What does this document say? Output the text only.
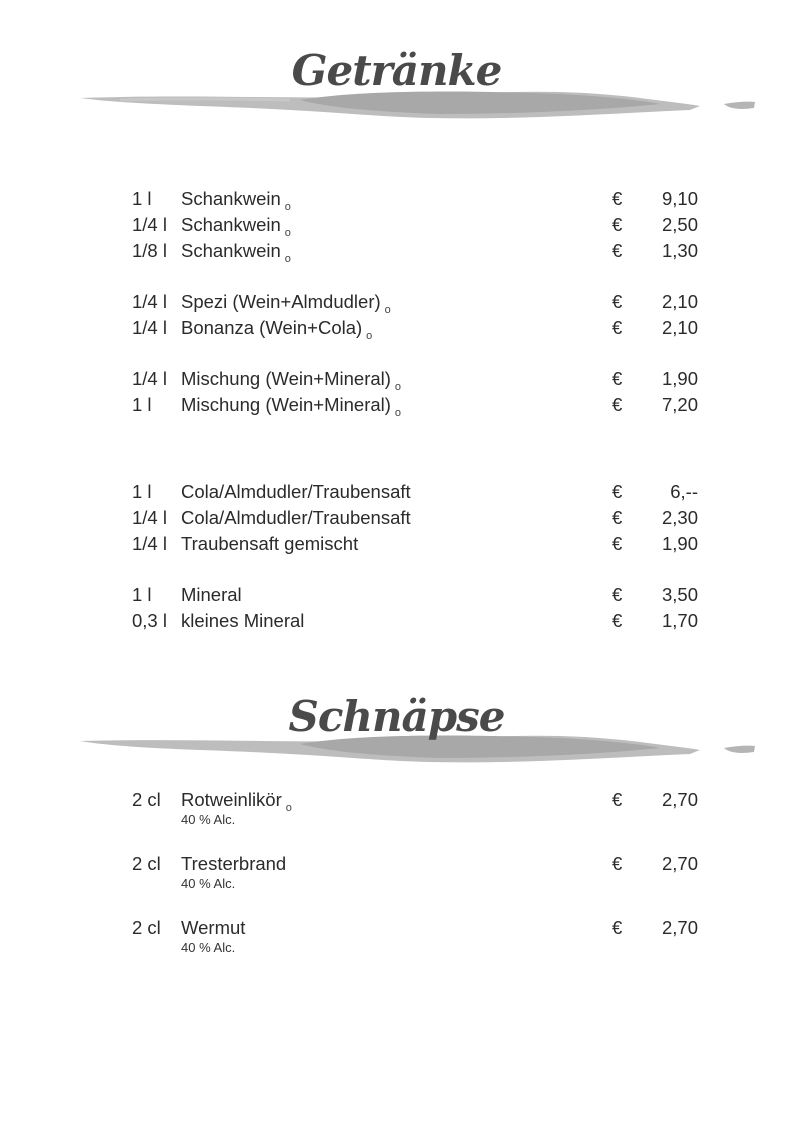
Getränke
1 l Schankwein $_o$	€	9,10
1/4 l Schankwein $_o$	€	2,50
1/8 l Schankwein $_o$	€	1,30
1/4 l Spezi (Wein+Almdudler) $_o$	€	2,10
1/4 l Bonanza (Wein+Cola) $_o$	€	2,10
1/4 l Mischung (Wein+Mineral) $_o$	€	1,90
1 l Mischung (Wein+Mineral) $_o$	€	7,20
1 l Cola/Almdudler/Traubensaft	€	6,--
1/4 l Cola/Almdudler/Traubensaft	€	2,30
1/4 l Traubensaft gemischt	€	1,90
1 l Mineral	€	3,50
0,3 l kleines Mineral	€	1,70
Schnäpse
2 cl Rotweinlikör $_o$	€	2,70
40 % Alc.
2 cl Tresterbrand	€	2,70
40 % Alc.
2 cl Wermut	€	2,70
40 % Alc.
